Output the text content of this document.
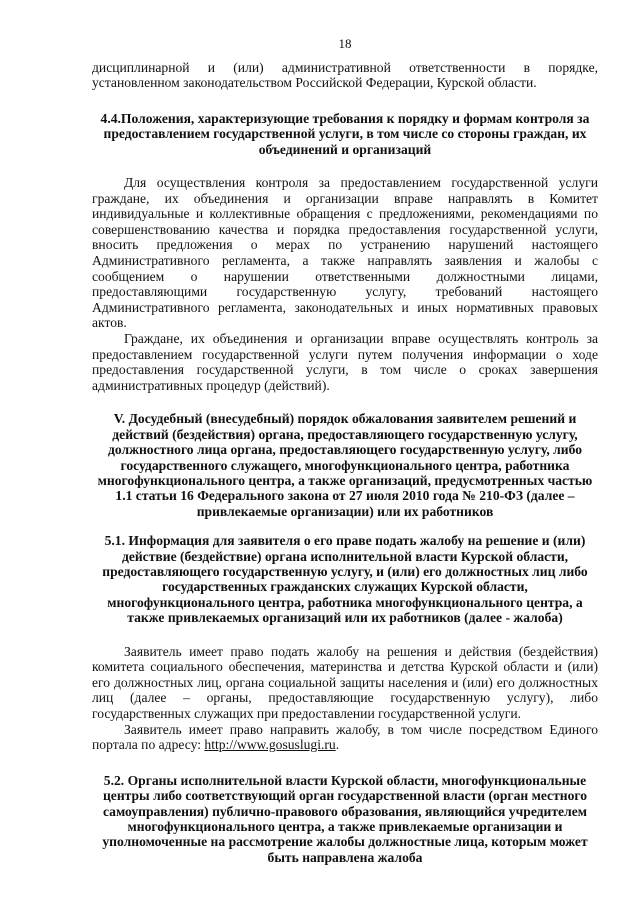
18

дисциплинарной и (или) административной ответственности в порядке, установленном законодательством Российской Федерации, Курской области.

4.4.Положения, характеризующие требования к порядку и формам контроля за предоставлением государственной услуги, в том числе со стороны граждан, их объединений и организаций

Для осуществления контроля за предоставлением государственной услуги граждане, их объединения и организации вправе направлять в Комитет индивидуальные и коллективные обращения с предложениями, рекомендациями по совершенствованию качества и порядка предоставления государственной услуги, вносить предложения о мерах по устранению нарушений настоящего Административного регламента, а также направлять заявления и жалобы с сообщением о нарушении ответственными должностными лицами, предоставляющими государственную услугу, требований настоящего Административного регламента, законодательных и иных нормативных правовых актов.

Граждане, их объединения и организации вправе осуществлять контроль за предоставлением государственной услуги путем получения информации о ходе предоставления государственной услуги, в том числе о сроках завершения административных процедур (действий).

V. Досудебный (внесудебный) порядок обжалования заявителем решений и действий (бездействия) органа, предоставляющего государственную услугу, должностного лица органа, предоставляющего государственную услугу, либо государственного служащего, многофункционального центра, работника многофункционального центра, а также организаций, предусмотренных частью 1.1 статьи 16 Федерального закона от 27 июля 2010 года № 210-ФЗ (далее – привлекаемые организации) или их работников
5.1. Информация для заявителя о его праве подать жалобу на решение и (или) действие (бездействие) органа исполнительной власти Курской области, предоставляющего государственную услугу, и (или) его должностных лиц либо государственных гражданских служащих Курской области, многофункционального центра, работника многофункционального центра, а также привлекаемых организаций или их работников (далее - жалоба)

Заявитель имеет право подать жалобу на решения и действия (бездействия) комитета социального обеспечения, материнства и детства Курской области и (или) его должностных лиц, органа социальной защиты населения и (или) его должностных лиц (далее – органы, предоставляющие государственную услугу), либо государственных служащих при предоставлении государственной услуги.

Заявитель имеет право направить жалобу, в том числе посредством Единого портала по адресу: http://www.gosuslugi.ru.

5.2. Органы исполнительной власти Курской области, многофункциональные центры либо соответствующий орган государственной власти (орган местного самоуправления) публично-правового образования, являющийся учредителем многофункционального центра, а также привлекаемые организации и уполномоченные на рассмотрение жалобы должностные лица, которым может быть направлена жалоба
